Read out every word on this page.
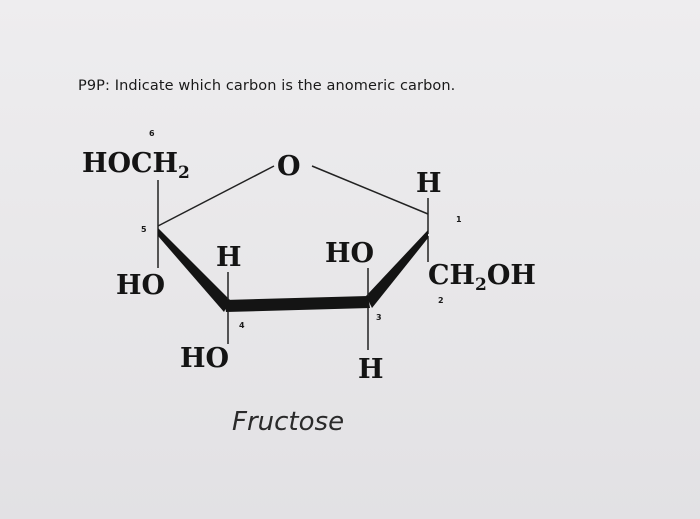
P9P: Indicate which carbon is the anomeric carbon.
$HOCH_2$	O
H
$CH_2OH$
HO
H
HO
HO
H
6
5
4
3
2
1
Fructose
